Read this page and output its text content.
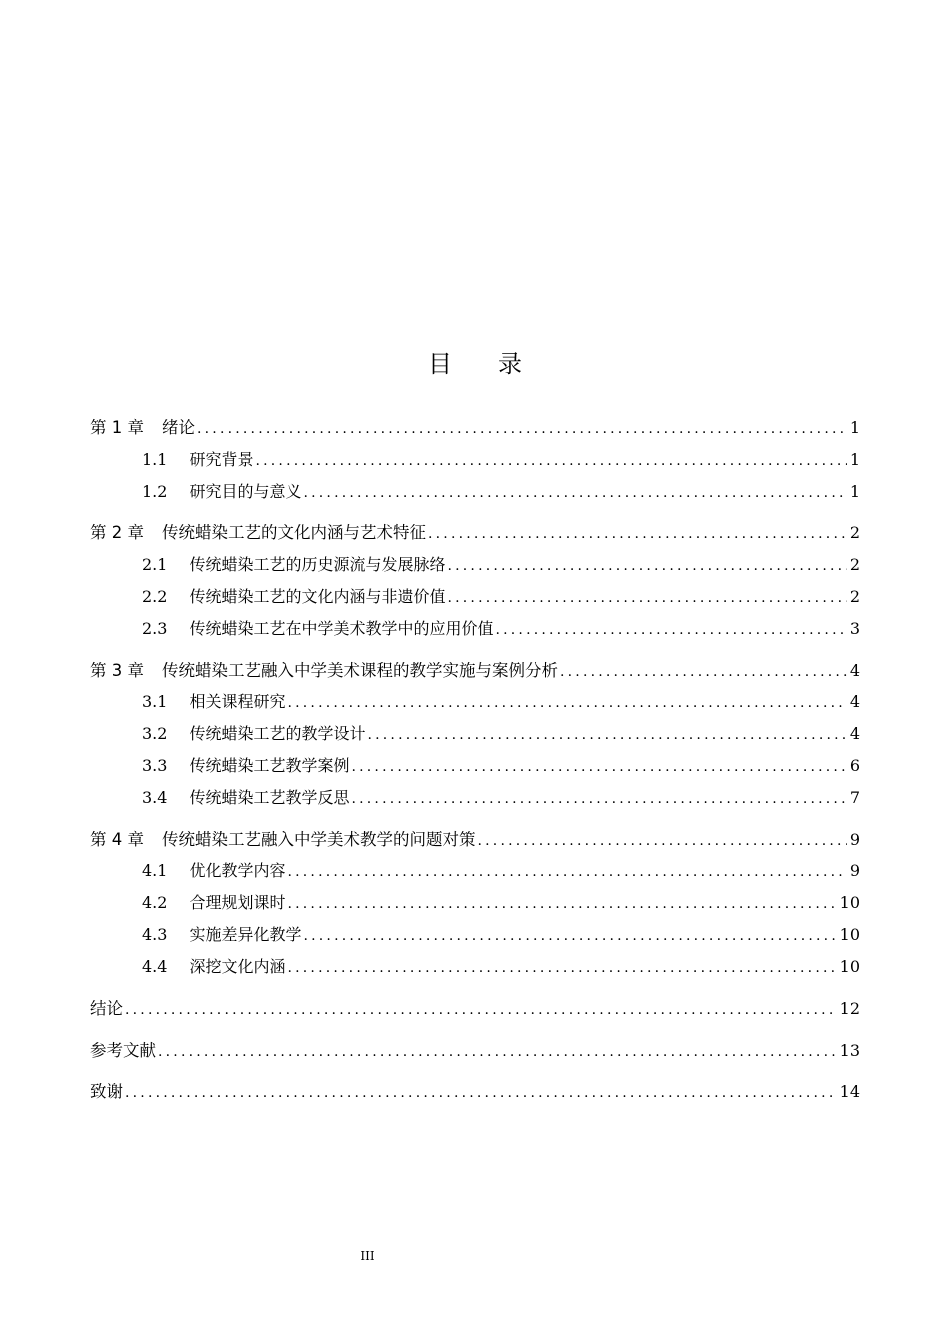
目 录
第 1 章 绪论 .....	1
1.1 研究背景 .....	1
1.2 研究目的与意义 .....	1
第 2 章 传统蜡染工艺的文化内涵与艺术特征 .....	2
2.1 传统蜡染工艺的历史源流与发展脉络 .....	2
2.2 传统蜡染工艺的文化内涵与非遗价值 .....	2
2.3 传统蜡染工艺在中学美术教学中的应用价值 .....	3
第 3 章 传统蜡染工艺融入中学美术课程的教学实施与案例分析 .....	4
3.1 相关课程研究 .....	4
3.2 传统蜡染工艺的教学设计 .....	4
3.3 传统蜡染工艺教学案例 .....	6
3.4 传统蜡染工艺教学反思 .....	7
第 4 章 传统蜡染工艺融入中学美术教学的问题对策 .....	9
4.1 优化教学内容 .....	9
4.2 合理规划课时 .....	10
4.3 实施差异化教学 .....	10
4.4 深挖文化内涵 .....	10
结论 .....	12
参考文献 .....	13
致谢 .....	14
III
